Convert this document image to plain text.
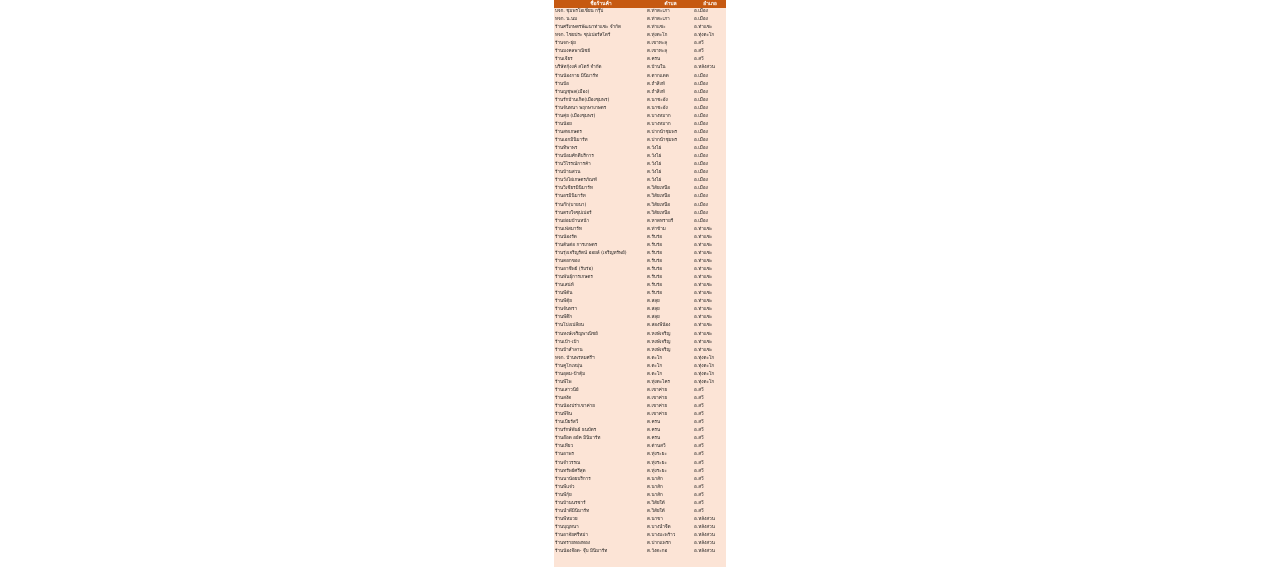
ชื่อร้านค้า	ตำบล	อำเภอ
บจก. ชุมพรโอเชี่ยน กรุ๊ป	ต.ท่าตะเภา	อ.เมือง
หจก. น.นม	ต.ท่าตะเภา	อ.เมือง
ร้านศรีเกษตรพัฒนาท่าแซะ จำกัด	ต.ท่าแซะ	อ.ท่าแซะ
หจก. ไชยประ ซุปเปอร์สโตร์	ต.ทุ่งตะโก	อ.ทุ่งตะโก
ร้านจก-ธุ่ย	ต.เขาทะลุ	อ.สวี
ร้านมงคลพาณิชย์	ต.เขาทะลุ	อ.สวี
ร้านเจียร	ต.ครน	อ.สวี
บริษัทกุ้งงค์ สโตร์ จำกัด	ต.บ้านใน	อ.หลังสวน
ร้านน้องกาย มินิมาร์ท	ต.ตากแดด	อ.เมือง
ร้านป้อ	ต.ถ้ำสิงห์	อ.เมือง
ร้านญชุพล(เมือง)	ต.ถ้ำสิงห์	อ.เมือง
ร้านรักบ้านเกิด(เมืองชุมพร)	ต.นาชะอัง	อ.เมือง
ร้านจันทนา พฤกษาเกษตร	ต.นาชะอัง	อ.เมือง
ร้านคุ่ย (เมืองชุมพร)	ต.บางหมาก	อ.เมือง
ร้านน้อย	ต.บางหมาก	อ.เมือง
ร้านสหเกษตร	ต.ปากน้ำชุมพร	อ.เมือง
ร้านเอกมินิมาร์ท	ต.ปากน้ำชุมพร	อ.เมือง
ร้านทิพาพร	ต.วังไผ่	อ.เมือง
ร้านป้อมศักดิ์บริการ	ต.วังไผ่	อ.เมือง
ร้านวิไรรณ์การค้า	ต.วังไผ่	อ.เมือง
ร้านบ้านสวน	ต.วังไผ่	อ.เมือง
ร้านวังไผ่เกษตรภัณฑ์	ต.วังไผ่	อ.เมือง
ร้านวิเชียรมินิมาร์ท	ต.วิสัยเหนือ	อ.เมือง
ร้านอรมินิมาร์ท	ต.วิสัยเหนือ	อ.เมือง
ร้านกั๊ก(บายนา)	ต.วิสัยเหนือ	อ.เมือง
ร้านตรงใจซุปเปอร์	ต.วิสัยเหนือ	อ.เมือง
ร้านย่อมบ้านหน้า	ต.หาดทรายรี	อ.เมือง
ร้านเฟ่สมาร์ท	ต.ท่าข้าม	อ.ท่าแซะ
ร้านน้องรัด	ต.รับร่อ	อ.ท่าแซะ
ร้านต้นต่อ การเกษตร	ต.รับร่อ	อ.ท่าแซะ
ร้านรุ่งเจริญรัตน์ ออยล์ (เจริญทรัพย์)	ต.รับร่อ	อ.ท่าแซะ
ร้านดอกของ	ต.รับร่อ	อ.ท่าแซะ
ร้านอาชีพย์ (รับร่อ)	ต.รับร่อ	อ.ท่าแซะ
ร้านพันธุ์การเกษตร	ต.รับร่อ	อ.ท่าแซะ
ร้านเสน่ห์	ต.รับร่อ	อ.ท่าแซะ
ร้านพี่ต้น	ต.รับร่อ	อ.ท่าแซะ
ร้านพี่ตุ้ย	ต.สลุย	อ.ท่าแซะ
ร้านจันทรา	ต.สลุย	อ.ท่าแซะ
ร้านพี่ติ๊ก	ต.สลุย	อ.ท่าแซะ
ร้านโปงเปลี่ยน	ต.สองพี่น้อง	อ.ท่าแซะ
ร้านหงษ์เจริญพาณิชย์	ต.หงษ์เจริญ	อ.ท่าแซะ
ร้านเป้า-เป้า	ต.หงษ์เจริญ	อ.ท่าแซะ
ร้านป้าสำลาน	ต.หงษ์เจริญ	อ.ท่าแซะ
หจก. บ้านพรหมศรีฯ	ต.ตะโก	อ.ทุ่งตะโก
ร้านคูโกเหมุ่น	ต.ตะโก	อ.ทุ่งตะโก
ร้านอุดม-ป้าตุ้ม	ต.ตะโก	อ.ทุ่งตะโก
ร้านพี่ไพ	ต.ทุ่งตะไคร	อ.ทุ่งตะโก
ร้านเสาวนีย์	ต.เขาค่าย	อ.สวี
ร้านสงัด	ต.เขาค่าย	อ.สวี
ร้านน้องปร่าเขาค่าย	ต.เขาค่าย	อ.สวี
ร้านพี่จิน	ต.เขาค่าย	อ.สวี
ร้านเปียร์สวี	ต.ครน	อ.สวี
ร้านรักษ์พันธ์ ธนบัตร	ต.ครน	อ.สวี
ร้านอ๊อด อย์ค มินิมาร์ท	ต.ครน	อ.สวี
ร้านเที่ยว	ต.ด่านสวี	อ.สวี
ร้านอาพร	ต.ทุ่งระยะ	อ.สวี
ร้านจำวรรณ	ต.ทุ่งระยะ	อ.สวี
ร้านทรัพย์ศรีสุด	ต.ทุ่งระยะ	อ.สวี
ร้านนาน้อยบริการ	ต.นาสัก	อ.สวี
ร้านพี่แจ๋ว	ต.นาสัก	อ.สวี
ร้านพี่กุ้ย	ต.นาสัก	อ.สวี
ร้านบ้านนรชาร์	ต.วิสัยใต้	อ.สวี
ร้านน้ำดีมินิมาร์ท	ต.วิสัยใต้	อ.สวี
ร้านพี่หมวย	ต.นาขา	อ.หลังสวน
ร้านบุญหนา	ต.บางน้ำจืด	อ.หลังสวน
ร้านอาจัยศรีหม่า	ต.บางมะพร้าว	อ.หลังสวน
ร้านทรายทองทอง	ต.ปากแพรก	อ.หลังสวน
ร้านน้องจ๊อด- จุ๊บ มินิมาร์ท	ต.วังตะกอ	อ.หลังสวน
